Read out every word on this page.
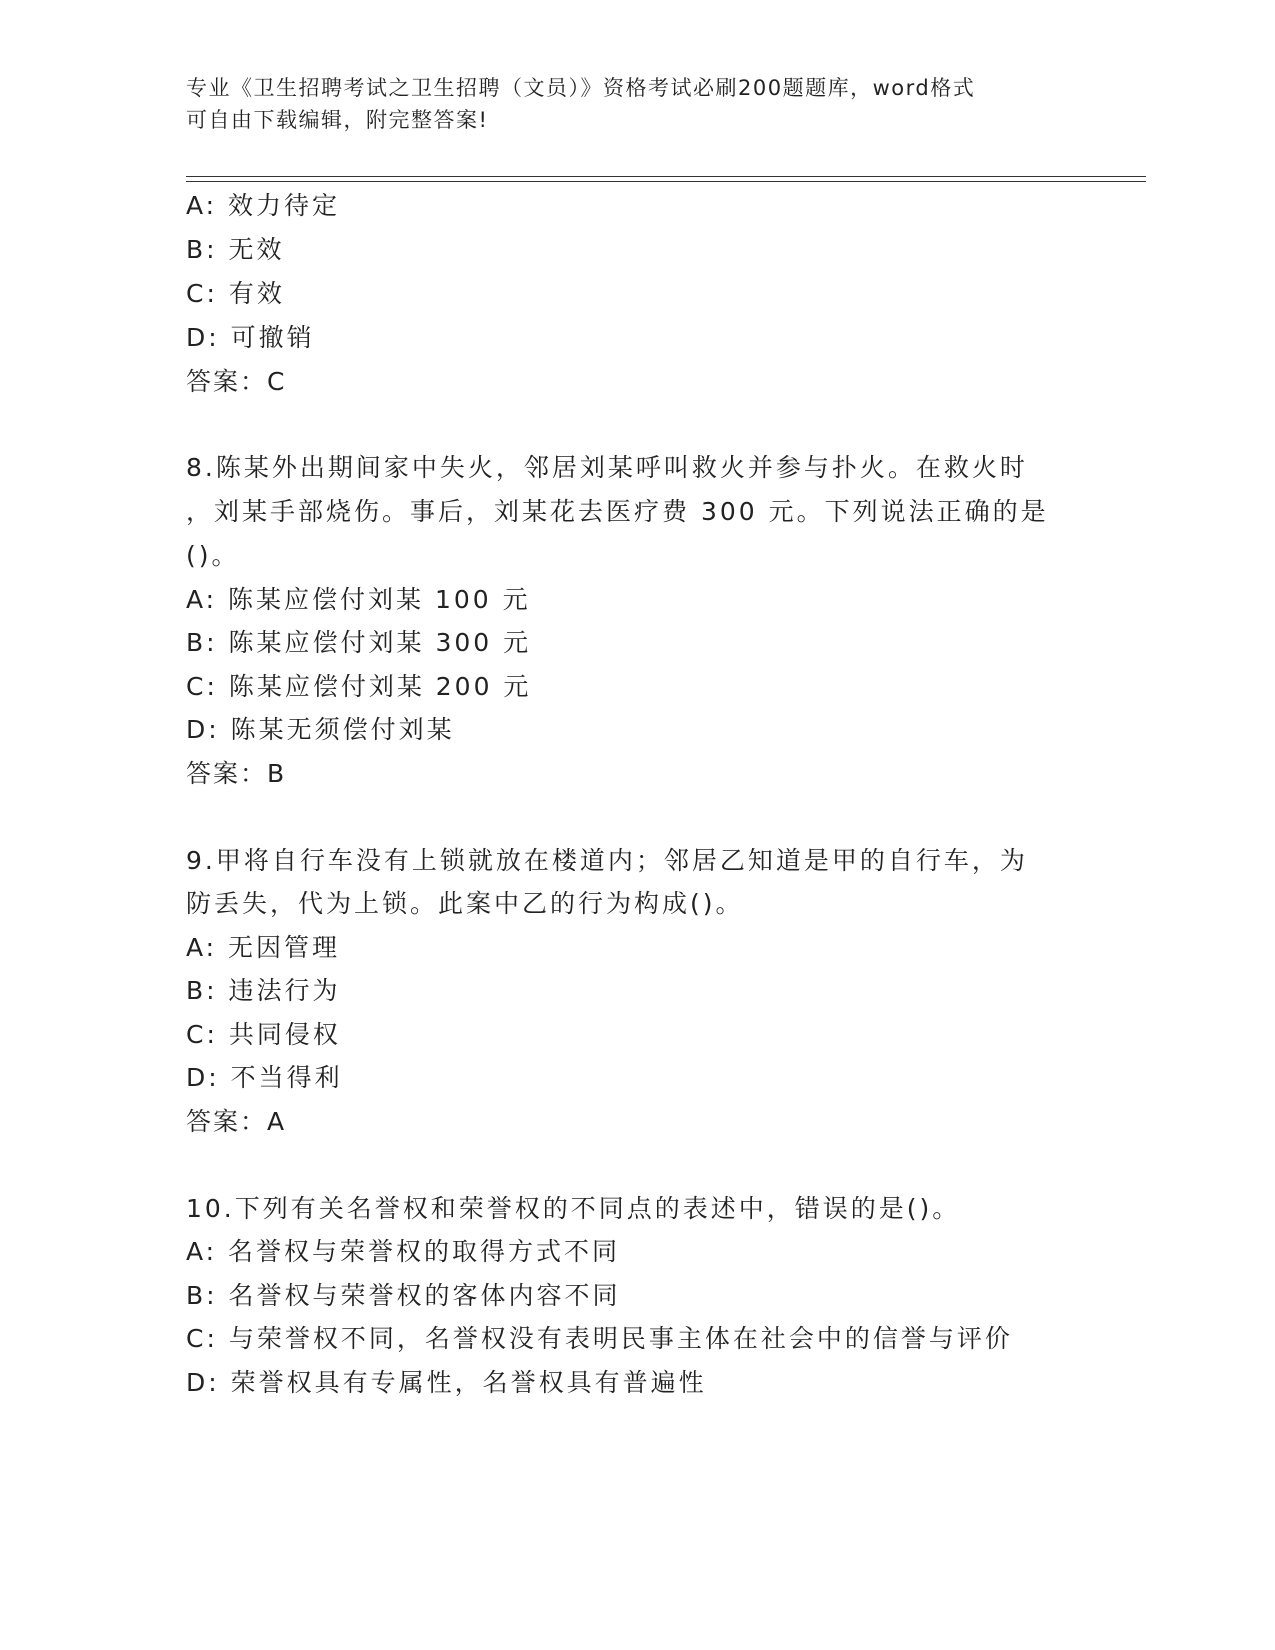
专业《卫生招聘考试之卫生招聘（文员）》资格考试必刷200题题库，word格式
可自由下载编辑，附完整答案!
A: 效力待定
B: 无效
C: 有效
D: 可撤销
答案：C
8.陈某外出期间家中失火，邻居刘某呼叫救火并参与扑火。在救火时
，刘某手部烧伤。事后，刘某花去医疗费 300 元。下列说法正确的是
()。
A: 陈某应偿付刘某 100 元
B: 陈某应偿付刘某 300 元
C: 陈某应偿付刘某 200 元
D: 陈某无须偿付刘某
答案：B
9.甲将自行车没有上锁就放在楼道内；邻居乙知道是甲的自行车，为
防丢失，代为上锁。此案中乙的行为构成()。
A: 无因管理
B: 违法行为
C: 共同侵权
D: 不当得利
答案：A
10.下列有关名誉权和荣誉权的不同点的表述中，错误的是()。
A: 名誉权与荣誉权的取得方式不同
B: 名誉权与荣誉权的客体内容不同
C: 与荣誉权不同，名誉权没有表明民事主体在社会中的信誉与评价
D: 荣誉权具有专属性，名誉权具有普遍性
